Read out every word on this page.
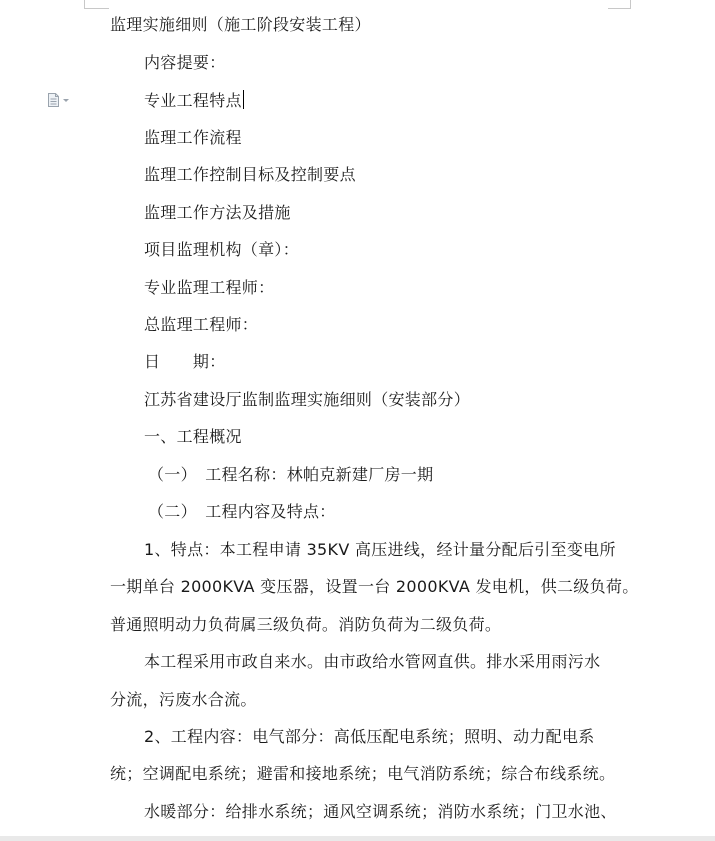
监理实施细则（施工阶段安装工程）
内容提要：
专业工程特点
监理工作流程
监理工作控制目标及控制要点
监理工作方法及措施
项目监理机构（章）：
专业监理工程师：
总监理工程师：
日　　期：
江苏省建设厅监制监理实施细则（安装部分）
一、工程概况
（一）　工程名称：林帕克新建厂房一期
（二）　工程内容及特点：
1、特点：本工程申请 35KV 高压进线，经计量分配后引至变电所
一期单台 2000KVA 变压器，设置一台 2000KVA 发电机，供二级负荷。
普通照明动力负荷属三级负荷。消防负荷为二级负荷。
本工程采用市政自来水。由市政给水管网直供。排水采用雨污水
分流，污废水合流。
2、工程内容：电气部分：高低压配电系统；照明、动力配电系
统；空调配电系统；避雷和接地系统；电气消防系统；综合布线系统。
水暖部分：给排水系统；通风空调系统；消防水系统；门卫水池、
